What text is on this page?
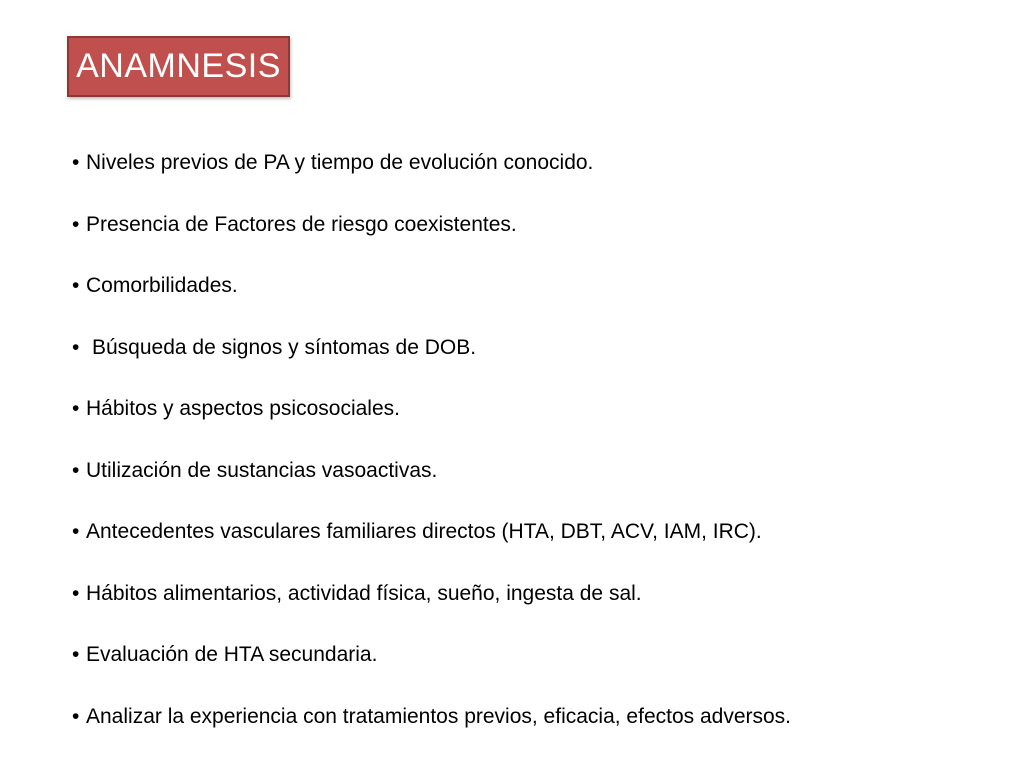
ANAMNESIS
• Niveles previos de PA y tiempo de evolución conocido.
• Presencia de Factores de riesgo coexistentes.
• Comorbilidades.
• Búsqueda de signos y síntomas de DOB.
• Hábitos y aspectos psicosociales.
• Utilización de sustancias vasoactivas.
• Antecedentes vasculares familiares directos (HTA, DBT, ACV, IAM, IRC).
• Hábitos alimentarios, actividad física, sueño, ingesta de sal.
• Evaluación de HTA secundaria.
• Analizar la experiencia con tratamientos previos, eficacia, efectos adversos.
